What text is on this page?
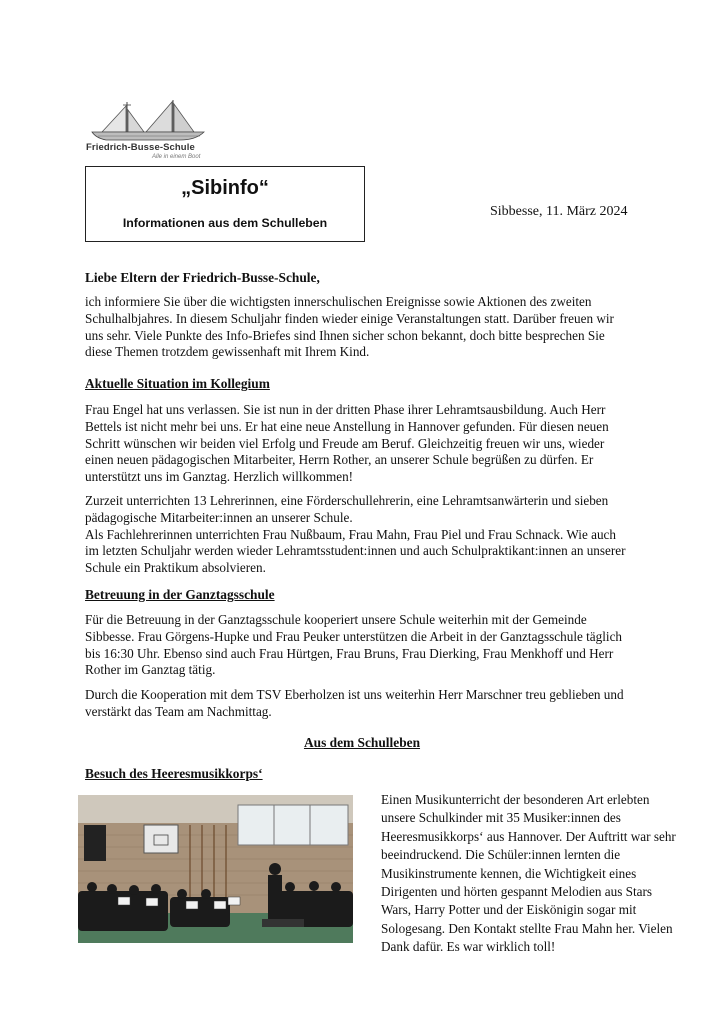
Friedrich-Busse-Schule
Alle in einem Boot
„Sibinfo“
Informationen aus dem Schulleben
Sibbesse, 11. März 2024
Liebe Eltern der Friedrich-Busse-Schule,

ich informiere Sie über die wichtigsten innerschulischen Ereignisse sowie Aktionen des zweiten

Schulhalbjahres. In diesem Schuljahr finden wieder einige Veranstaltungen statt. Darüber freuen wir

uns sehr. Viele Punkte des Info-Briefes sind Ihnen sicher schon bekannt, doch bitte besprechen Sie

diese Themen trotzdem gewissenhaft mit Ihrem Kind.

Aktuelle Situation im Kollegium

Frau Engel hat uns verlassen. Sie ist nun in der dritten Phase ihrer Lehramtsausbildung. Auch Herr

Bettels ist nicht mehr bei uns. Er hat eine neue Anstellung in Hannover gefunden. Für diesen neuen

Schritt wünschen wir beiden viel Erfolg und Freude am Beruf. Gleichzeitig freuen wir uns, wieder

einen neuen pädagogischen Mitarbeiter, Herrn Rother, an unserer Schule begrüßen zu dürfen. Er

unterstützt uns im Ganztag. Herzlich willkommen!

Zurzeit unterrichten 13 Lehrerinnen, eine Förderschullehrerin, eine Lehramtsanwärterin und sieben

pädagogische Mitarbeiter:innen an unserer Schule.

Als Fachlehrerinnen unterrichten Frau Nußbaum, Frau Mahn, Frau Piel und Frau Schnack. Wie auch

im letzten Schuljahr werden wieder Lehramtsstudent:innen und auch Schulpraktikant:innen an unserer

Schule ein Praktikum absolvieren.

Betreuung in der Ganztagsschule

Für die Betreuung in der Ganztagsschule kooperiert unsere Schule weiterhin mit der Gemeinde

Sibbesse. Frau Görgens-Hupke und Frau Peuker unterstützen die Arbeit in der Ganztagsschule täglich

bis 16:30 Uhr. Ebenso sind auch Frau Hürtgen, Frau Bruns, Frau Dierking, Frau Menkhoff und Herr

Rother im Ganztag tätig.

Durch die Kooperation mit dem TSV Eberholzen ist uns weiterhin Herr Marschner treu geblieben und

verstärkt das Team am Nachmittag.

Aus dem Schulleben
Besuch des Heeresmusikkorps‘

Einen Musikunterricht der besonderen Art erlebten

unsere Schulkinder mit 35 Musiker:innen des

Heeresmusikkorps‘ aus Hannover. Der Auftritt war sehr

beeindruckend. Die Schüler:innen lernten die

Musikinstrumente kennen, die Wichtigkeit eines

Dirigenten und hörten gespannt Melodien aus Stars

Wars, Harry Potter und der Eiskönigin sogar mit

Sologesang. Den Kontakt stellte Frau Mahn her. Vielen

Dank dafür. Es war wirklich toll!
